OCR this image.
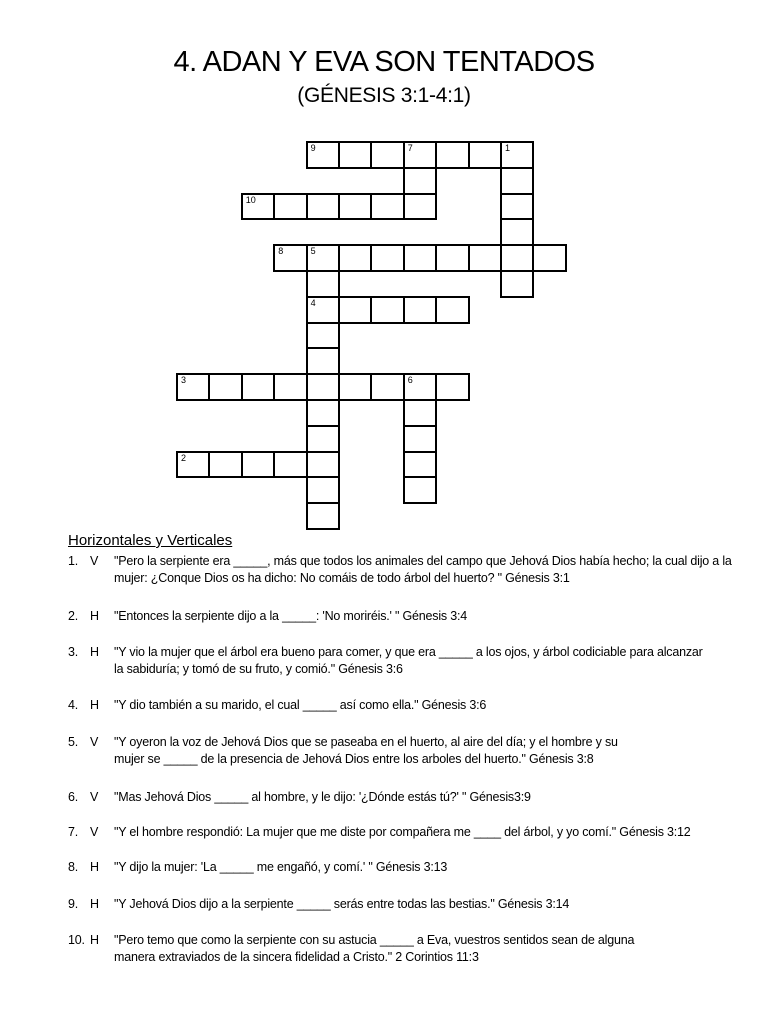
4. ADAN Y EVA SON TENTADOS
(GÉNESIS 3:1-4:1)
1
2
3	6
4
5
7
8
9
10
Horizontales y Verticales
1. V "Pero la serpiente era _____, más que todos los animales del campo que Jehová Dios había hecho; la cual dijo a la
mujer: ¿Conque Dios os ha dicho: No comáis de todo árbol del huerto? " Génesis 3:1
2. H "Entonces la serpiente dijo a la _____: 'No moriréis.' " Génesis 3:4
3. H "Y vio la mujer que el árbol era bueno para comer, y que era _____ a los ojos, y árbol codiciable para alcanzar
la sabiduría; y tomó de su fruto, y comió." Génesis 3:6
4. H "Y dio también a su marido, el cual _____ así como ella." Génesis 3:6
5. V "Y oyeron la voz de Jehová Dios que se paseaba en el huerto, al aire del día; y el hombre y su
mujer se _____ de la presencia de Jehová Dios entre los arboles del huerto." Génesis 3:8
6. V "Mas Jehová Dios _____ al hombre, y le dijo: '¿Dónde estás tú?' " Génesis3:9
7. V "Y el hombre respondió: La mujer que me diste por compañera me ____ del árbol, y yo comí." Génesis 3:12
8. H "Y dijo la mujer: 'La _____ me engañó, y comí.' " Génesis 3:13
9. H "Y Jehová Dios dijo a la serpiente _____ serás entre todas las bestias." Génesis 3:14
10. H "Pero temo que como la serpiente con su astucia _____ a Eva, vuestros sentidos sean de alguna
manera extraviados de la sincera fidelidad a Cristo." 2 Corintios 11:3
